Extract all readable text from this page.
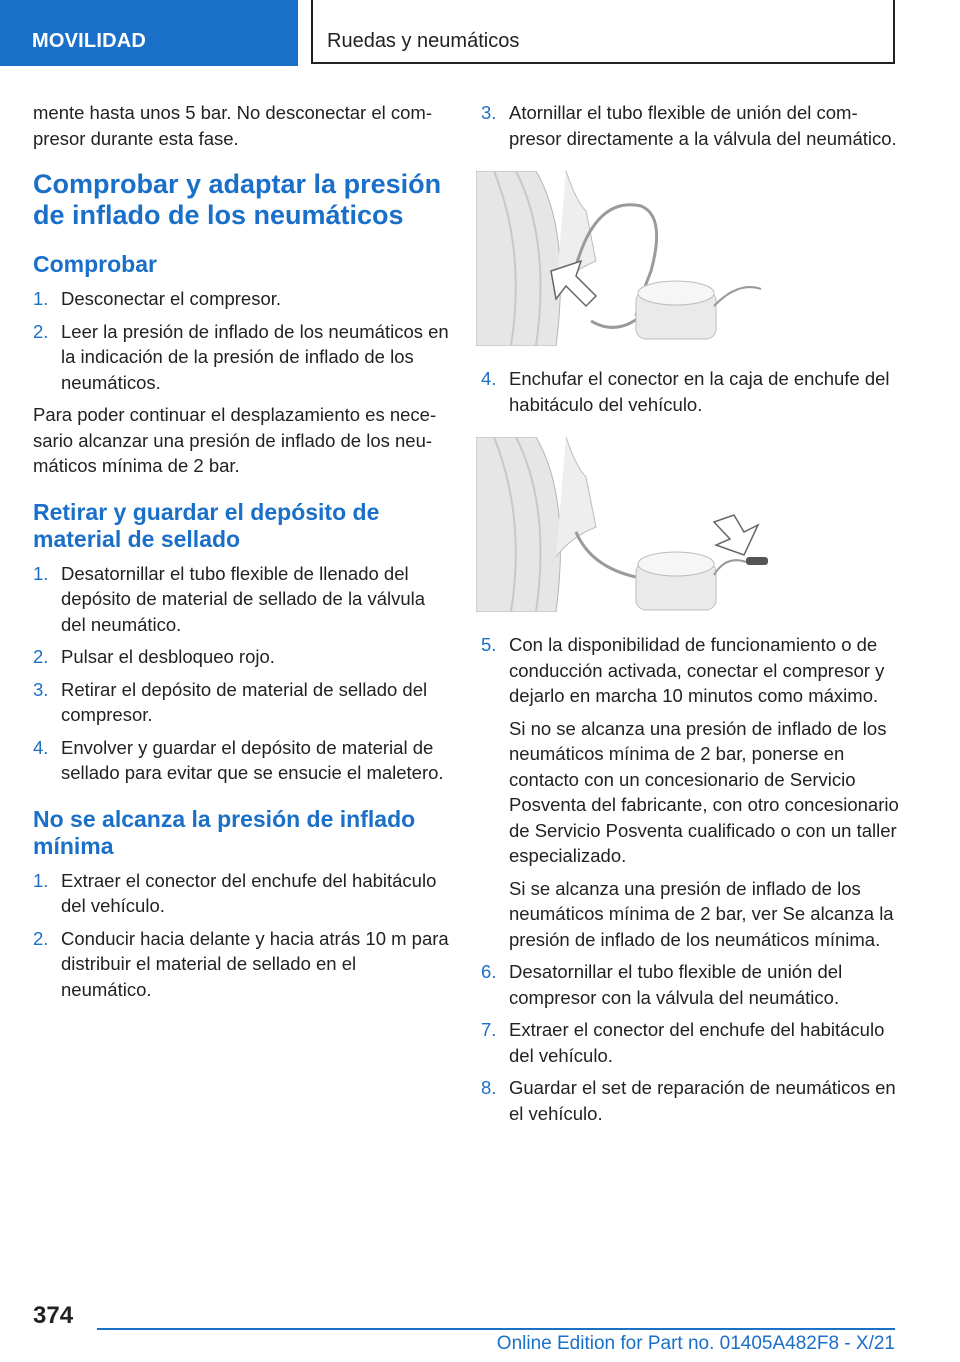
MOVILIDAD	Ruedas y neumáticos

mente hasta unos 5 bar. No desconectar el compresor durante esta fase.

Comprobar y adaptar la presión de inflado de los neumáticos
Comprobar
1. Desconectar el compresor.
2. Leer la presión de inflado de los neumáticos en la indicación de la presión de inflado de los neumáticos.

Para poder continuar el desplazamiento es necesario alcanzar una presión de inflado de los neumáticos mínima de 2 bar.

Retirar y guardar el depósito de material de sellado
1. Desatornillar el tubo flexible de llenado del depósito de material de sellado de la válvula del neumático.
2. Pulsar el desbloqueo rojo.
3. Retirar el depósito de material de sellado del compresor.
4. Envolver y guardar el depósito de material de sellado para evitar que se ensucie el maletero.
No se alcanza la presión de inflado mínima
1. Extraer el conector del enchufe del habitáculo del vehículo.
2. Conducir hacia delante y hacia atrás 10 m para distribuir el material de sellado en el neumático.
3. Atornillar el tubo flexible de unión del compresor directamente a la válvula del neumático.
4. Enchufar el conector en la caja de enchufe del habitáculo del vehículo.
5. Con la disponibilidad de funcionamiento o de conducción activada, conectar el compresor y dejarlo en marcha 10 minutos como máximo.
Si no se alcanza una presión de inflado de los neumáticos mínima de 2 bar, ponerse en contacto con un concesionario de Servicio Posventa del fabricante, con otro concesionario de Servicio Posventa cualificado o con un taller especializado.
Si se alcanza una presión de inflado de los neumáticos mínima de 2 bar, ver Se alcanza la presión de inflado de los neumáticos mínima.
6. Desatornillar el tubo flexible de unión del compresor con la válvula del neumático.
7. Extraer el conector del enchufe del habitáculo del vehículo.
8. Guardar el set de reparación de neumáticos en el vehículo.
374
Online Edition for Part no. 01405A482F8 - X/21
